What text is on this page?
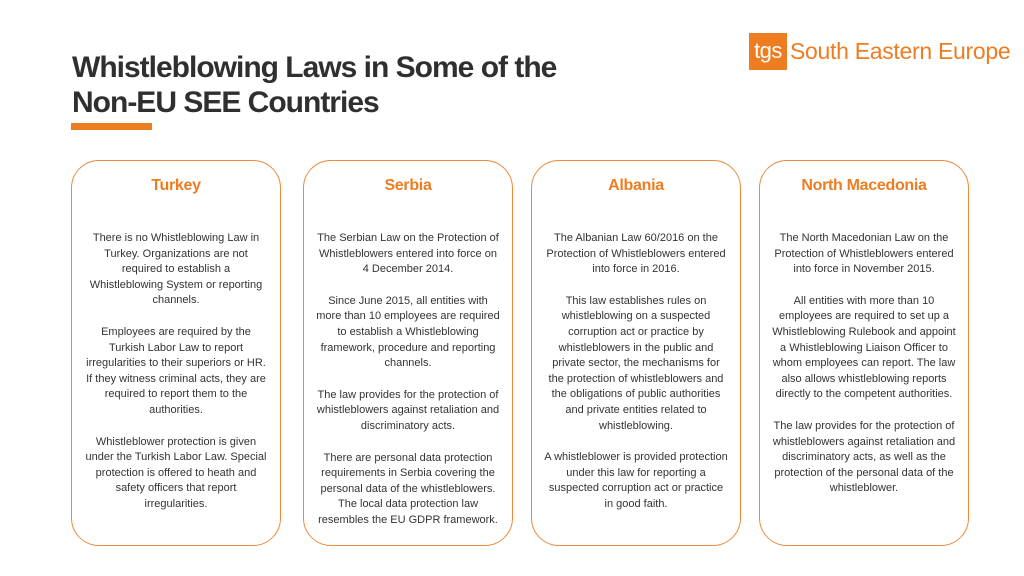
Whistleblowing Laws in Some of the
Non-EU SEE Countries
tgs South Eastern Europe
Turkey

There is no Whistleblowing Law in Turkey. Organizations are not required to establish a Whistleblowing System or reporting channels.

Employees are required by the Turkish Labor Law to report irregularities to their superiors or HR. If they witness criminal acts, they are required to report them to the authorities.

Whistleblower protection is given under the Turkish Labor Law. Special protection is offered to heath and safety officers that report irregularities.

Serbia

The Serbian Law on the Protection of Whistleblowers entered into force on 4 December 2014.

Since June 2015, all entities with more than 10 employees are required to establish a Whistleblowing framework, procedure and reporting channels.

The law provides for the protection of whistleblowers against retaliation and discriminatory acts.

There are personal data protection requirements in Serbia covering the personal data of the whistleblowers. The local data protection law resembles the EU GDPR framework.

Albania

The Albanian Law 60/2016 on the Protection of Whistleblowers entered into force in 2016.

This law establishes rules on whistleblowing on a suspected corruption act or practice by whistleblowers in the public and private sector, the mechanisms for the protection of whistleblowers and the obligations of public authorities and private entities related to whistleblowing.

A whistleblower is provided protection under this law for reporting a suspected corruption act or practice in good faith.

North Macedonia

The North Macedonian Law on the Protection of Whistleblowers entered into force in November 2015.

All entities with more than 10 employees are required to set up a Whistleblowing Rulebook and appoint a Whistleblowing Liaison Officer to whom employees can report. The law also allows whistleblowing reports directly to the competent authorities.

The law provides for the protection of whistleblowers against retaliation and discriminatory acts, as well as the protection of the personal data of the whistleblower.
